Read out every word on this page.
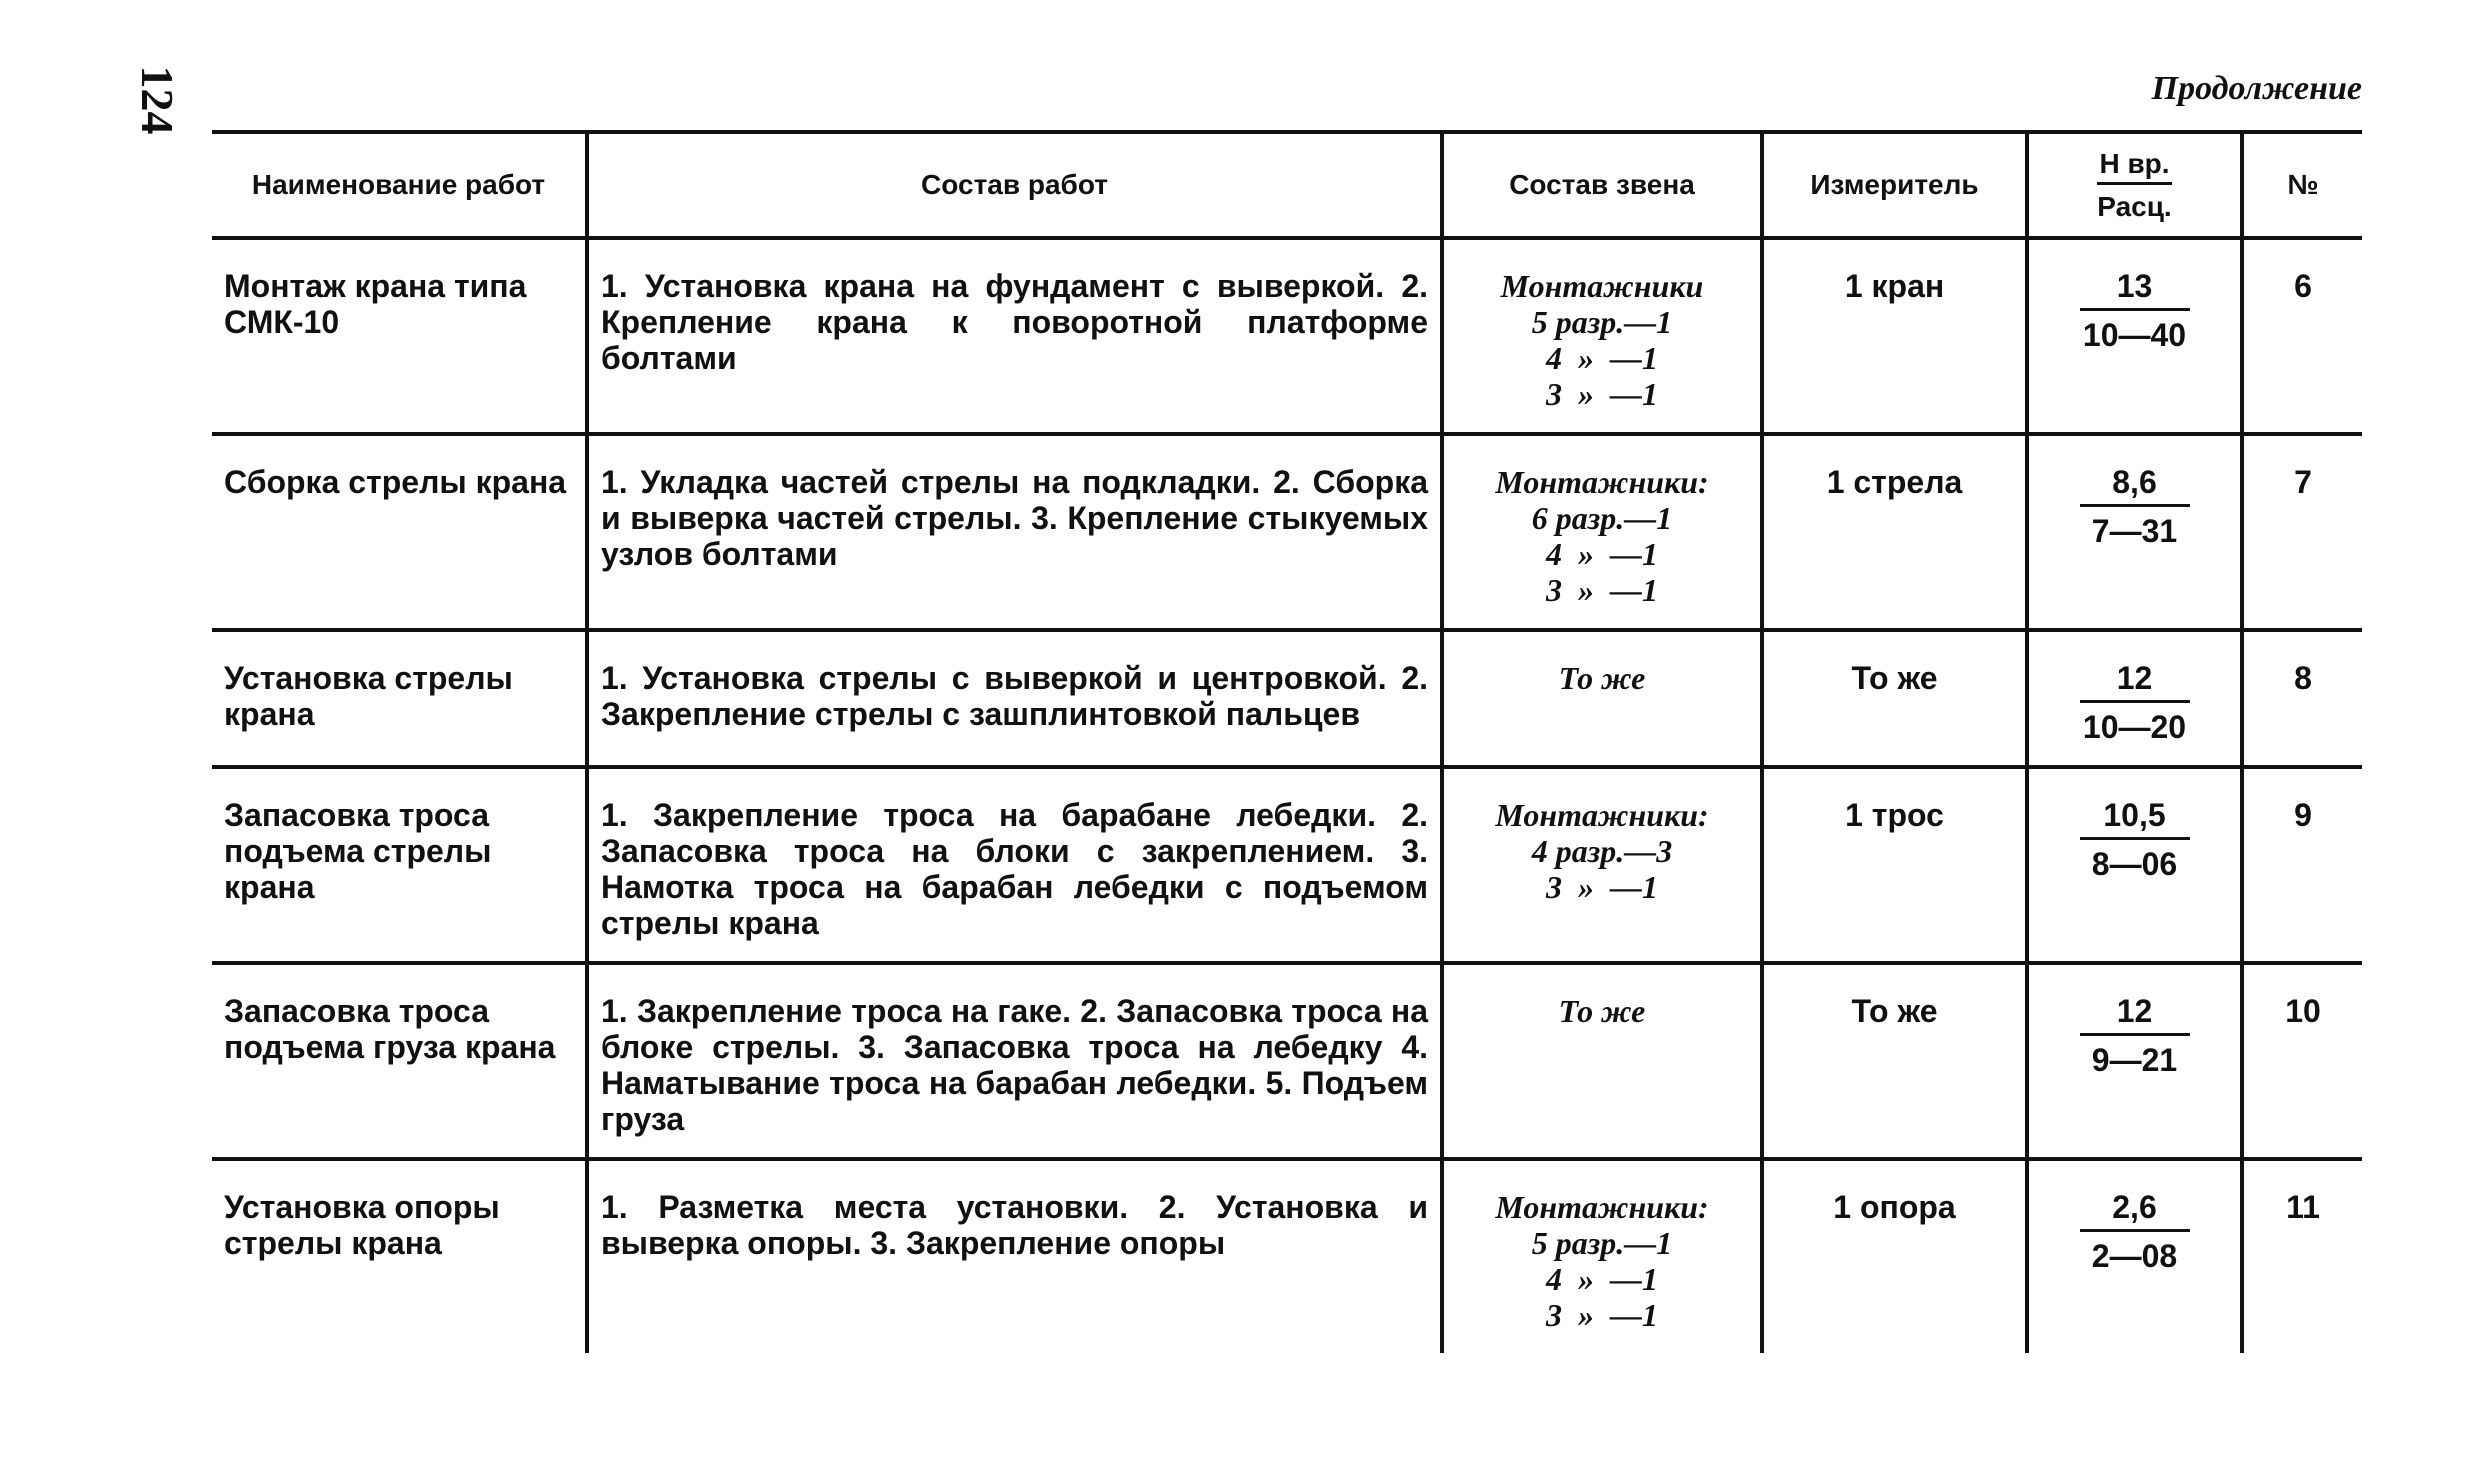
124	Продолжение
Наименование работ	Состав работ	Состав звена	Измеритель	$\frac{\text{Н вр.}}{\text{Расц.}}$	№
Монтаж крана типа СМК-10	1. Установка крана на фундамент с выверкой. 2. Крепление крана к поворотной платформе болтами	Монтажники
5 разр.—1
4  »  —1
3  »  —1	1 кран	$\frac{13}{10—40}$	6
Сборка стрелы крана	1. Укладка частей стрелы на подкладки. 2. Сборка и выверка частей стрелы. 3. Крепление стыкуемых узлов болтами	Монтажники:
6 разр.—1
4  »  —1
3  »  —1	1 стрела	$\frac{8,6}{7—31}$	7
Установка стрелы крана	1. Установка стрелы с выверкой и центровкой. 2. Закрепление стрелы с зашплинтовкой пальцев	То же	То же	$\frac{12}{10—20}$	8
Запасовка троса подъема стрелы крана	1. Закрепление троса на барабане лебедки. 2. Запасовка троса на блоки с закреплением. 3. Намотка троса на барабан лебедки с подъемом стрелы крана	Монтажники:
4 разр.—3
3  »  —1	1 трос	$\frac{10,5}{8—06}$	9
Запасовка троса подъема груза крана	1. Закрепление троса на гаке. 2. Запасовка троса на блоке стрелы. 3. Запасовка троса на лебедку 4. Наматывание троса на барабан лебедки. 5. Подъем груза	То же	То же	$\frac{12}{9—21}$	10
Установка опоры стрелы крана	1. Разметка места установки. 2. Установка и выверка опоры. 3. Закрепление опоры	Монтажники:
5 разр.—1
4  »  —1
3  »  —1	1 опора	$\frac{2,6}{2—08}$	11
